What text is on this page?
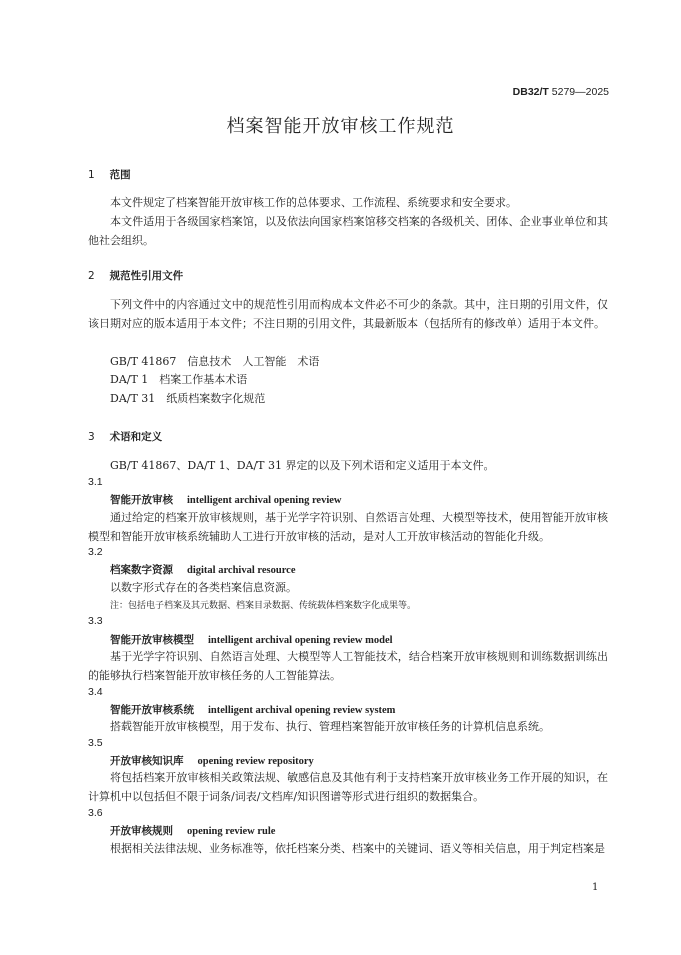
DB32/T 5279—2025
档案智能开放审核工作规范
1 范围
本文件规定了档案智能开放审核工作的总体要求、工作流程、系统要求和安全要求。
本文件适用于各级国家档案馆，以及依法向国家档案馆移交档案的各级机关、团体、企业事业单位和其他社会组织。
2 规范性引用文件
下列文件中的内容通过文中的规范性引用而构成本文件必不可少的条款。其中，注日期的引用文件，仅该日期对应的版本适用于本文件；不注日期的引用文件，其最新版本（包括所有的修改单）适用于本文件。
GB/T 41867　信息技术　人工智能　术语
DA/T 1　档案工作基本术语
DA/T 31　纸质档案数字化规范
3 术语和定义
GB/T 41867、DA/T 1、DA/T 31 界定的以及下列术语和定义适用于本文件。
3.1
智能开放审核 intelligent archival opening review
通过给定的档案开放审核规则，基于光学字符识别、自然语言处理、大模型等技术，使用智能开放审核模型和智能开放审核系统辅助人工进行开放审核的活动，是对人工开放审核活动的智能化升级。
3.2
档案数字资源 digital archival resource
以数字形式存在的各类档案信息资源。
注：包括电子档案及其元数据、档案目录数据、传统载体档案数字化成果等。
3.3
智能开放审核模型 intelligent archival opening review model
基于光学字符识别、自然语言处理、大模型等人工智能技术，结合档案开放审核规则和训练数据训练出的能够执行档案智能开放审核任务的人工智能算法。
3.4
智能开放审核系统 intelligent archival opening review system
搭载智能开放审核模型，用于发布、执行、管理档案智能开放审核任务的计算机信息系统。
3.5
开放审核知识库 opening review repository
将包括档案开放审核相关政策法规、敏感信息及其他有利于支持档案开放审核业务工作开展的知识，在计算机中以包括但不限于词条/词表/文档库/知识图谱等形式进行组织的数据集合。
3.6
开放审核规则 opening review rule
根据相关法律法规、业务标准等，依托档案分类、档案中的关键词、语义等相关信息，用于判定档案是
1
